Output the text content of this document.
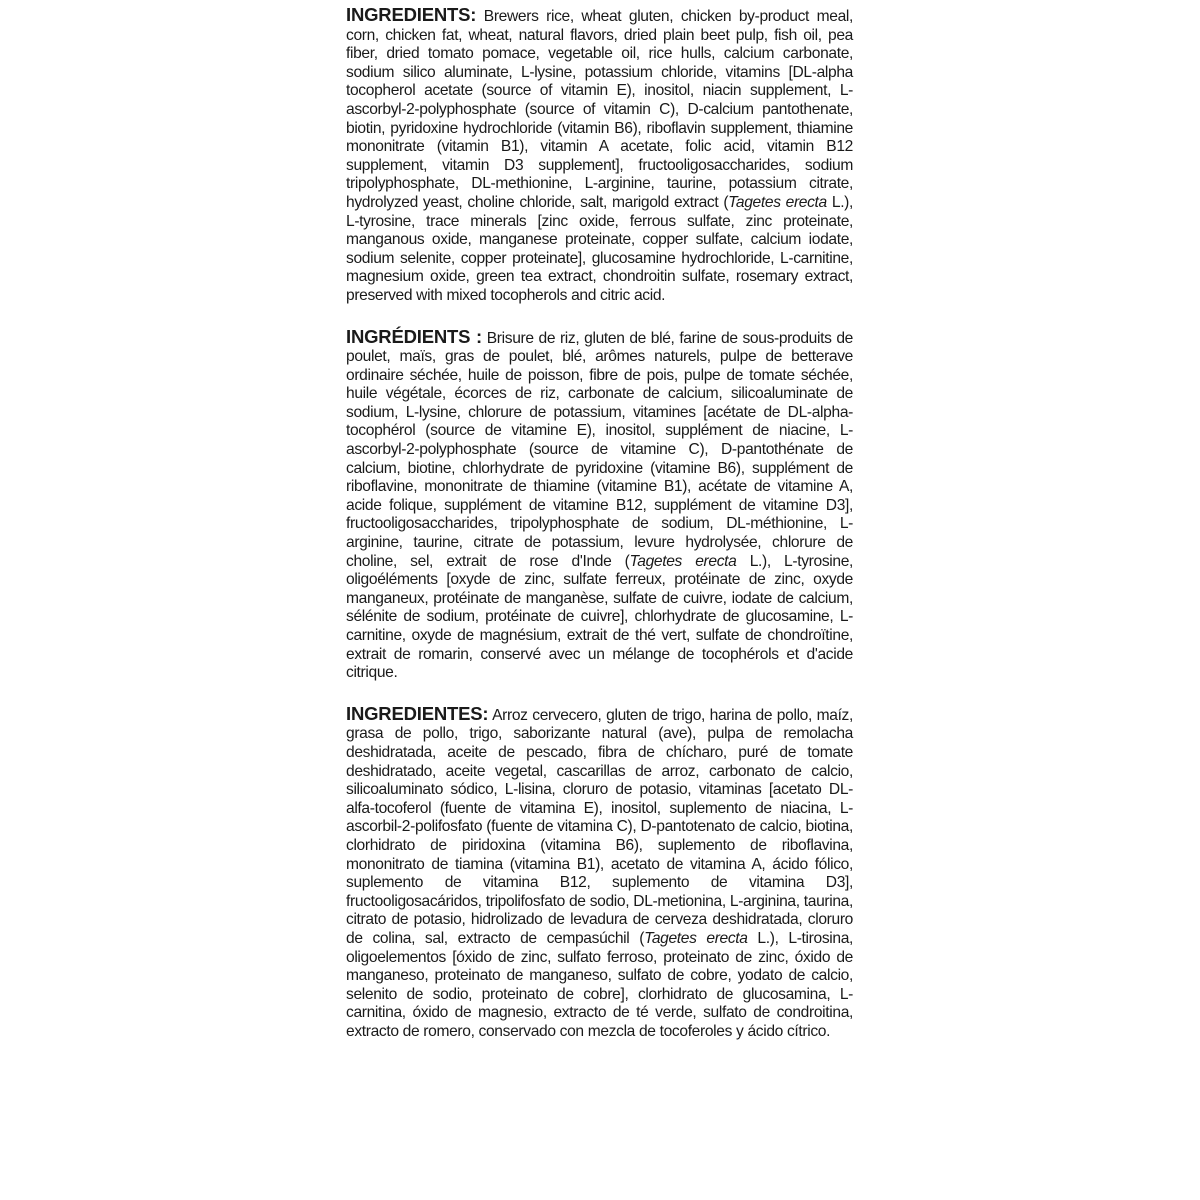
INGREDIENTS: Brewers rice, wheat gluten, chicken by-product meal, corn, chicken fat, wheat, natural flavors, dried plain beet pulp, fish oil, pea fiber, dried tomato pomace, vegetable oil, rice hulls, calcium carbonate, sodium silico aluminate, L-lysine, potassium chloride, vitamins [DL-alpha tocopherol acetate (source of vitamin E), inositol, niacin supplement, L-ascorbyl-2-polyphosphate (source of vitamin C), D-calcium pantothenate, biotin, pyridoxine hydrochloride (vitamin B6), riboflavin supplement, thiamine mononitrate (vitamin B1), vitamin A acetate, folic acid, vitamin B12 supplement, vitamin D3 supplement], fructooligosaccharides, sodium tripolyphosphate, DL-methionine, L-arginine, taurine, potassium citrate, hydrolyzed yeast, choline chloride, salt, marigold extract (Tagetes erecta L.), L-tyrosine, trace minerals [zinc oxide, ferrous sulfate, zinc proteinate, manganous oxide, manganese proteinate, copper sulfate, calcium iodate, sodium selenite, copper proteinate], glucosamine hydrochloride, L-carnitine, magnesium oxide, green tea extract, chondroitin sulfate, rosemary extract, preserved with mixed tocopherols and citric acid.

INGRÉDIENTS : Brisure de riz, gluten de blé, farine de sous-produits de poulet, maïs, gras de poulet, blé, arômes naturels, pulpe de betterave ordinaire séchée, huile de poisson, fibre de pois, pulpe de tomate séchée, huile végétale, écorces de riz, carbonate de calcium, silicoaluminate de sodium, L-lysine, chlorure de potassium, vitamines [acétate de DL-alpha-tocophérol (source de vitamine E), inositol, supplément de niacine, L-ascorbyl-2-polyphosphate (source de vitamine C), D-pantothénate de calcium, biotine, chlorhydrate de pyridoxine (vitamine B6), supplément de riboflavine, mononitrate de thiamine (vitamine B1), acétate de vitamine A, acide folique, supplément de vitamine B12, supplément de vitamine D3], fructooligosaccharides, tripolyphosphate de sodium, DL-méthionine, L-arginine, taurine, citrate de potassium, levure hydrolysée, chlorure de choline, sel, extrait de rose d'Inde (Tagetes erecta L.), L-tyrosine, oligoéléments [oxyde de zinc, sulfate ferreux, protéinate de zinc, oxyde manganeux, protéinate de manganèse, sulfate de cuivre, iodate de calcium, sélénite de sodium, protéinate de cuivre], chlorhydrate de glucosamine, L-carnitine, oxyde de magnésium, extrait de thé vert, sulfate de chondroïtine, extrait de romarin, conservé avec un mélange de tocophérols et d'acide citrique.

INGREDIENTES: Arroz cervecero, gluten de trigo, harina de pollo, maíz, grasa de pollo, trigo, saborizante natural (ave), pulpa de remolacha deshidratada, aceite de pescado, fibra de chícharo, puré de tomate deshidratado, aceite vegetal, cascarillas de arroz, carbonato de calcio, silicoaluminato sódico, L-lisina, cloruro de potasio, vitaminas [acetato DL-alfa-tocoferol (fuente de vitamina E), inositol, suplemento de niacina, L-ascorbil-2-polifosfato (fuente de vitamina C), D-pantotenato de calcio, biotina, clorhidrato de piridoxina (vitamina B6), suplemento de riboflavina, mononitrato de tiamina (vitamina B1), acetato de vitamina A, ácido fólico, suplemento de vitamina B12, suplemento de vitamina D3], fructooligosacáridos, tripolifosfato de sodio, DL-metionina, L-arginina, taurina, citrato de potasio, hidrolizado de levadura de cerveza deshidratada, cloruro de colina, sal, extracto de cempasúchil (Tagetes erecta L.), L-tirosina, oligoelementos [óxido de zinc, sulfato ferroso, proteinato de zinc, óxido de manganeso, proteinato de manganeso, sulfato de cobre, yodato de calcio, selenito de sodio, proteinato de cobre], clorhidrato de glucosamina, L-carnitina, óxido de magnesio, extracto de té verde, sulfato de condroitina, extracto de romero, conservado con mezcla de tocoferoles y ácido cítrico.
